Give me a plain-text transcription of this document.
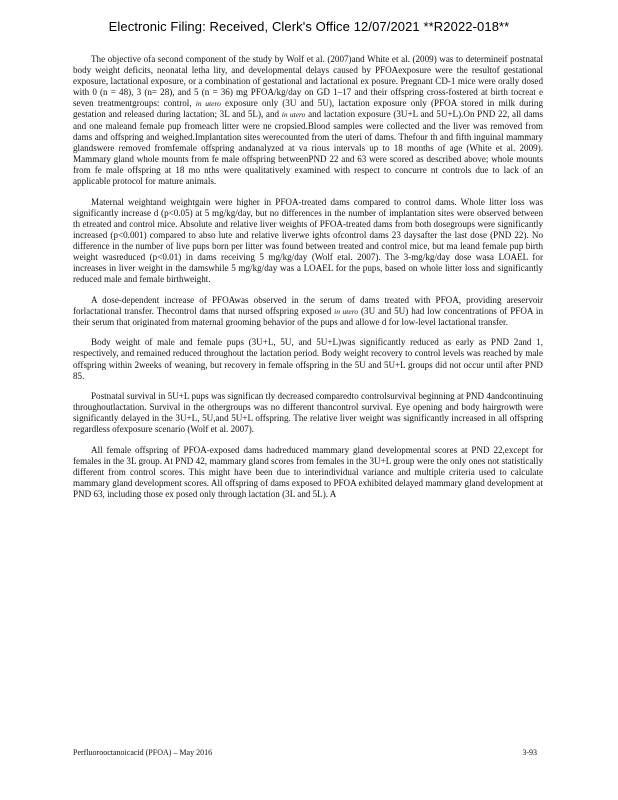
Electronic Filing: Received, Clerk's Office 12/07/2021 **R2022-018**

The objective ofa second component of the study by Wolf et al. (2007)and White et al. (2009) was to determineif postnatal body weight deficits, neonatal letha lity, and developmental delays caused by PFOAexposure were the resultof gestational exposure, lactational exposure, or a combination of gestational and lactational ex posure. Pregnant CD-1 mice were orally dosed with 0 (n = 48), 3 (n= 28), and 5 (n = 36) mg PFOA/kg/day on GD 1–17 and their offspring cross-fostered at birth tocreat e seven treatmentgroups: control, in utero exposure only (3U and 5U), lactation exposure only (PFOA stored in milk during gestation and released during lactation; 3L and 5L), and in utero and lactation exposure (3U+L and 5U+L).On PND 22, all dams and one maleand female pup fromeach litter were ne cropsied.Blood samples were collected and the liver was removed from dams and offspring and weighed.Implantation sites werecounted from the uteri of dams. Thefour th and fifth inguinal mammary glandswere removed fromfemale offspring andanalyzed at va rious intervals up to 18 months of age (White et al. 2009). Mammary gland whole mounts from fe male offspring betweenPND 22 and 63 were scored as described above; whole mounts from fe male offspring at 18 mo nths were qualitatively examined with respect to concurre nt controls due to lack of an applicable protocol for mature animals.

Maternal weightand weightgain were higher in PFOA-treated dams compared to control dams. Whole litter loss was significantly increase d (p<0.05) at 5 mg/kg/day, but no differences in the number of implantation sites were observed between th etreated and control mice. Absolute and relative liver weights of PFOA-treated dams from both dosegroups were significantly increased (p<0.001) compared to abso lute and relative liverwe ights ofcontrol dams 23 daysafter the last dose (PND 22). No difference in the number of live pups born per litter was found between treated and control mice, but ma leand female pup birth weight wasreduced (p<0.01) in dams receiving 5 mg/kg/day (Wolf etal. 2007). The 3-mg/kg/day dose wasa LOAEL for increases in liver weight in the damswhile 5 mg/kg/day was a LOAEL for the pups, based on whole litter loss and significantly reduced male and female birthweight.

A dose-dependent increase of PFOAwas observed in the serum of dams treated with PFOA, providing areservoir forlactational transfer. Thecontrol dams that nursed offspring exposed in utero (3U and 5U) had low concentrations of PFOA in their serum that originated from maternal grooming behavior of the pups and allowe d for low-level lactational transfer.

Body weight of male and female pups (3U+L, 5U, and 5U+L)was significantly reduced as early as PND 2and 1, respectively, and remained reduced throughout the lactation period. Body weight recovery to control levels was reached by male offspring within 2weeks of weaning, but recovery in female offspring in the 5U and 5U+L groups did not occur until after PND 85.

Postnatal survival in 5U+L pups was significan tly decreased comparedto controlsurvival beginning at PND 4andcontinuing throughoutlactation. Survival in the othergroups was no different thancontrol survival. Eye opening and body hairgrowth were significantly delayed in the 3U+L, 5U,and 5U+L offspring. The relative liver weight was significantly increased in all offspring regardless ofexposure scenario (Wolf et al. 2007).

All female offspring of PFOA-exposed dams hadreduced mammary gland developmental scores at PND 22,except for females in the 3L group. At PND 42, mammary gland scores from females in the 3U+L group were the only ones not statistically different from control scores. This might have been due to interindividual variance and multiple criteria used to calculate mammary gland development scores. All offspring of dams exposed to PFOA exhibited delayed mammary gland development at PND 63, including those ex posed only through lactation (3L and 5L). A

Perfluorooctanoicacid (PFOA) – May 2016	3-93
